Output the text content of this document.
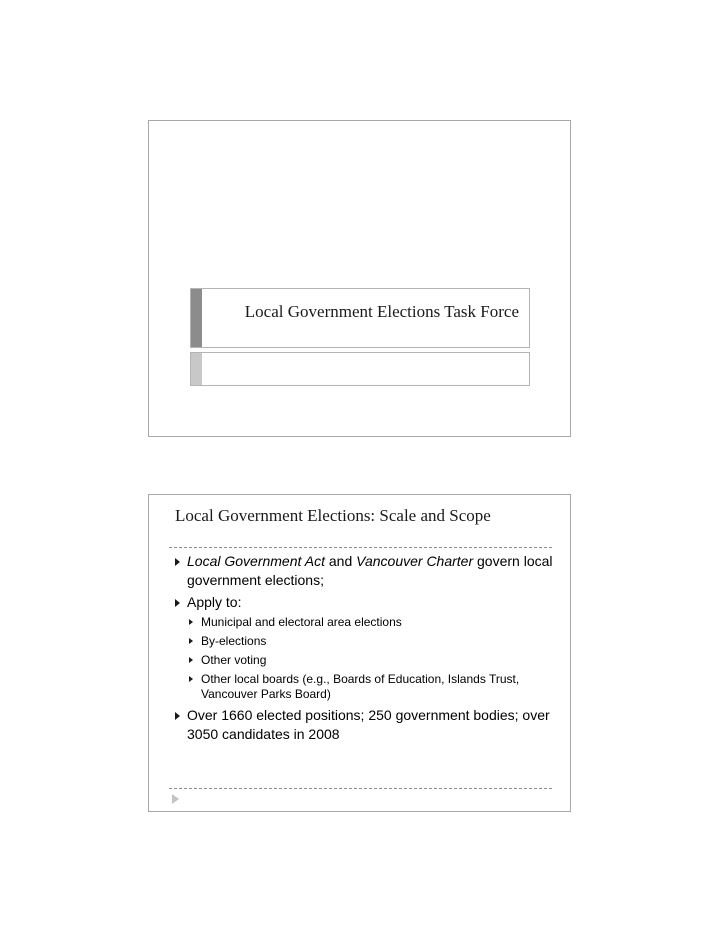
Local Government Elections Task Force
Local Government Elections: Scale and Scope
Local Government Act and Vancouver Charter govern local government elections;
Apply to:
Municipal and electoral area elections
By-elections
Other voting
Other local boards (e.g., Boards of Education, Islands Trust, Vancouver Parks Board)
Over 1660 elected positions; 250 government bodies; over 3050 candidates in 2008
